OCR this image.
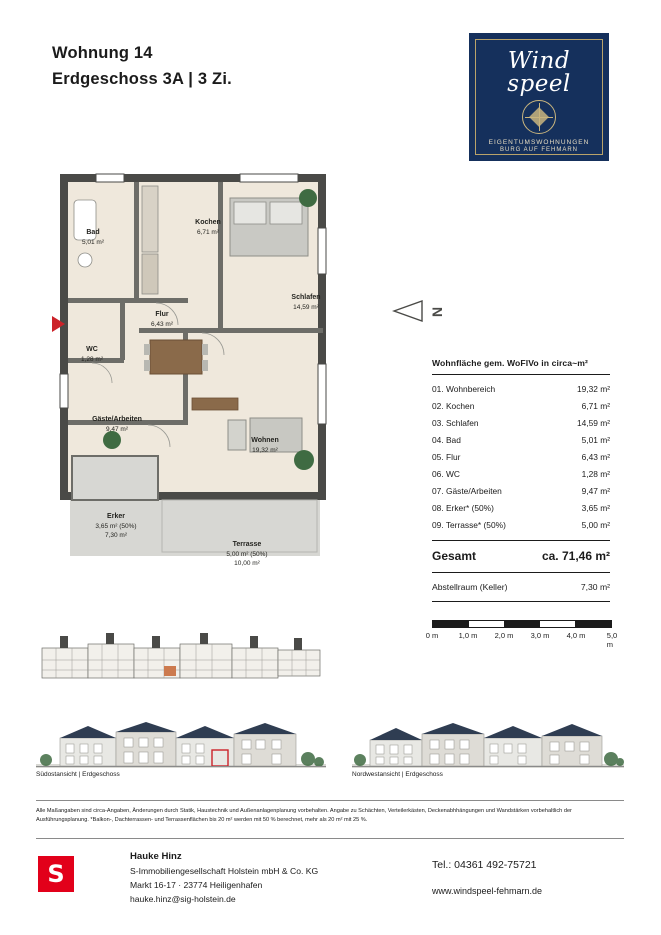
Wohnung 14
Erdgeschoss 3A | 3 Zi.
Wind
speel
EIGENTUMSWOHNUNGEN
BURG AUF FEHMARN
Bad
5,01 m²
Kochen
6,71 m²
Schlafen
14,59 m²
Flur
6,43 m²
WC
1,28 m²
Gäste/Arbeiten
9,47 m²
Wohnen
19,32 m²
Erker
3,65 m² (50%)
7,30 m²
Terrasse
5,00 m² (50%)
10,00 m²
N
Wohnfläche gem. WoFlVo in circa~m²
01. Wohnbereich	19,32 m²
02. Kochen	6,71 m²
03. Schlafen	14,59 m²
04. Bad	5,01 m²
05. Flur	6,43 m²
06. WC	1,28 m²
07. Gäste/Arbeiten	9,47 m²
08. Erker* (50%)	3,65 m²
09. Terrasse* (50%)	5,00 m²
Gesamt	ca. 71,46 m²
Abstellraum (Keller)	7,30 m²
0 m	1,0 m 2,0 m 3,0 m 4,0 m	5,0 m
Südostansicht | Erdgeschoss	Nordwestansicht | Erdgeschoss
Alle Maßangaben sind circa-Angaben, Änderungen durch Statik, Haustechnik und Außenanlagenplanung vorbehalten. Angabe zu Schächten, Verteilerkästen, Deckenabhhängungen und Wandstärken vorbehaltlich der Ausführungsplanung. *Balkon-, Dachterrassen- und Terrassenflächen bis 20 m² werden mit 50 % berechnet, mehr als 20 m² mit 25 %.
S
Hauke Hinz
S-Immobiliengesellschaft Holstein mbH & Co. KG
Markt 16-17 · 23774 Heiligenhafen
hauke.hinz@sig-holstein.de
Tel.: 04361 492-75721
www.windspeel-fehmarn.de
